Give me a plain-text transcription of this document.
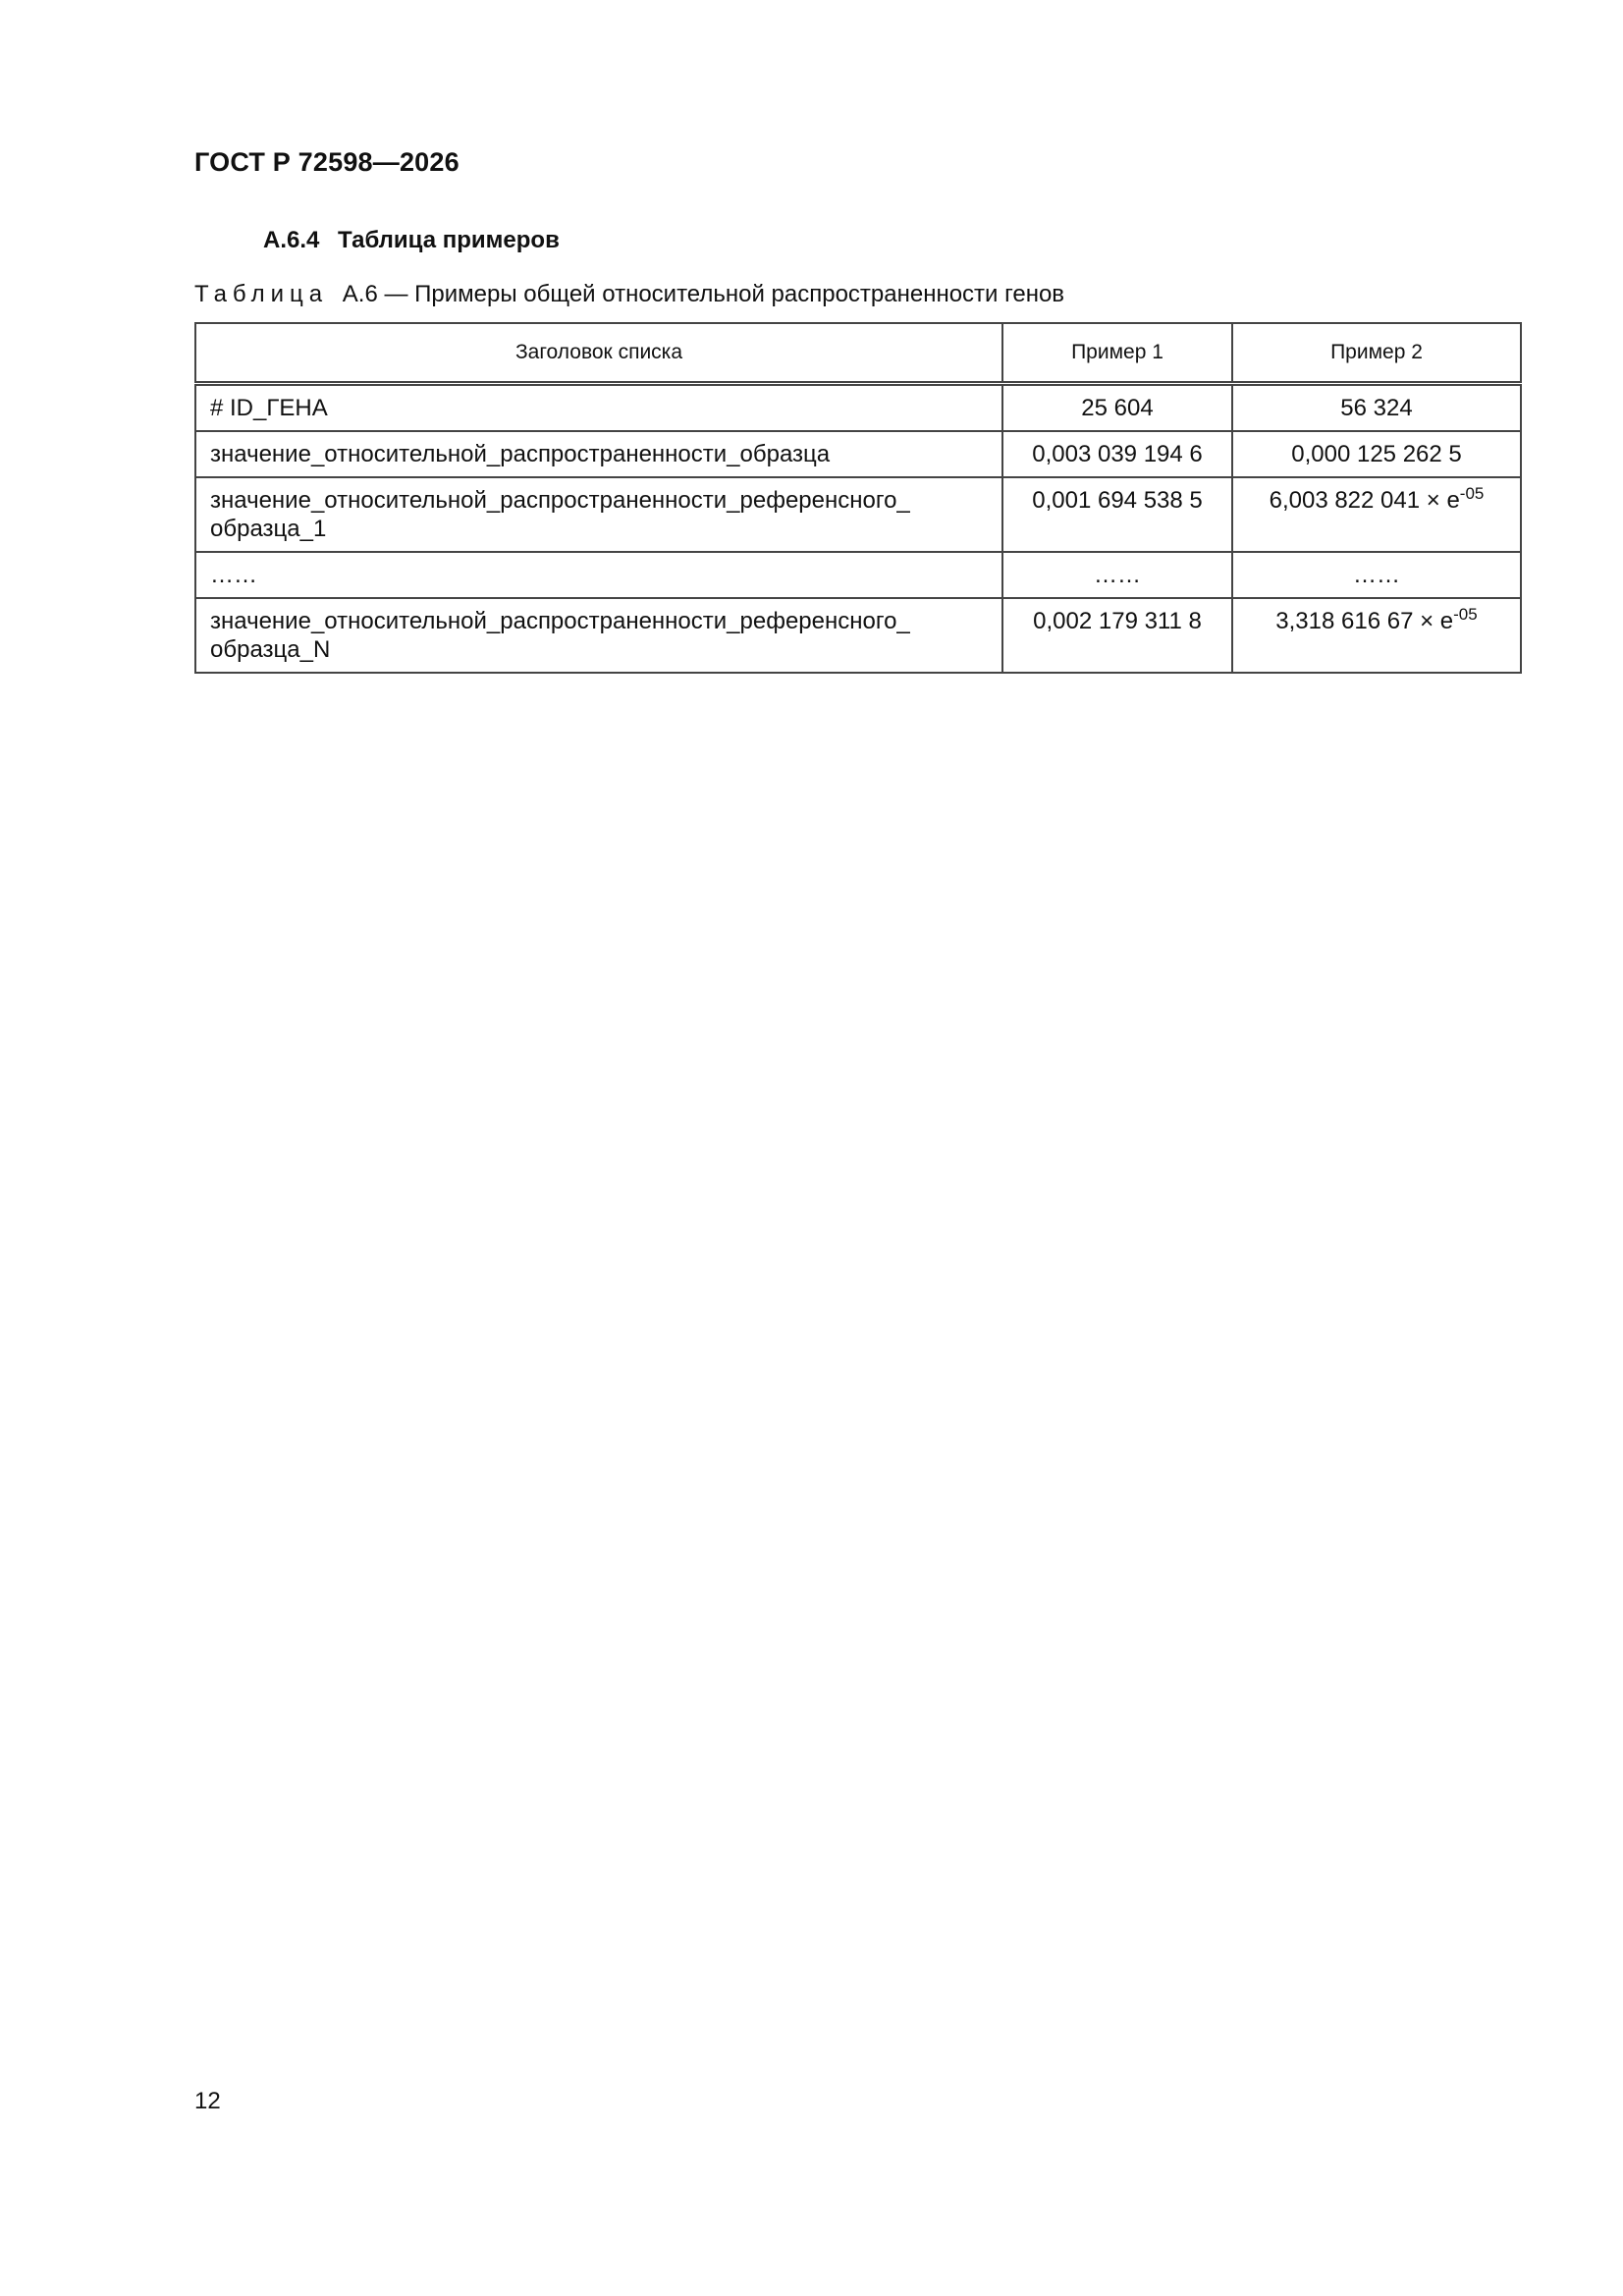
ГОСТ Р 72598—2026
А.6.4 Таблица примеров
Таблица А.6 — Примеры общей относительной распространенности генов
Заголовок списка	Пример 1	Пример 2
# ID_ГЕНА	25 604	56 324
значение_относительной_распространенности_образца	0,003 039 194 6	0,000 125 262 5
значение_относительной_распространенности_референсного_ образца_1	0,001 694 538 5	6,003 822 $041 \times e^{-05}$
……	……	……
значение_относительной_распространенности_референсного_ образца_N	0,002 179 311 8	3,318 616 $67 \times e^{-05}$
12
